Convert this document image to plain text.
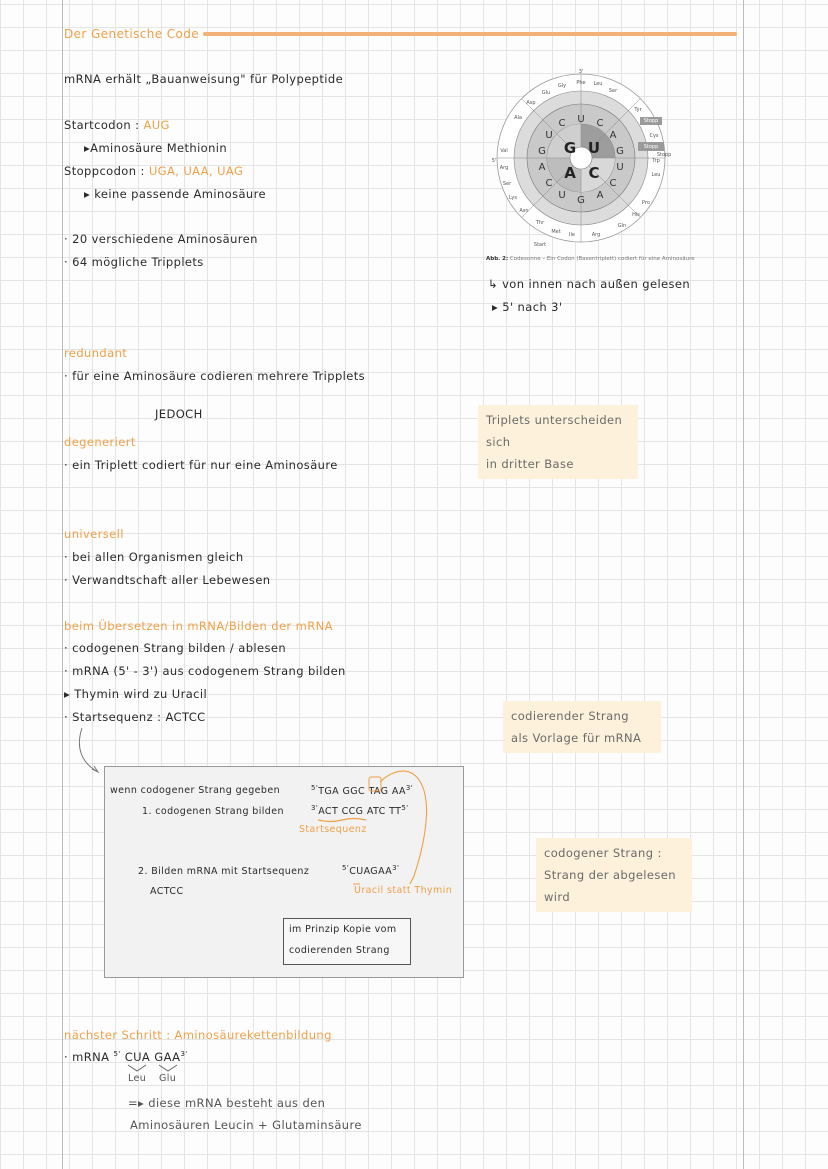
Der Genetische Code
mRNA erhält „Bauanweisung" für Polypeptide
Startcodon : AUG
▸Aminosäure Methionin
Stoppcodon : UGA, UAA, UAG
▸ keine passende Aminosäure
· 20 verschiedene Aminosäuren
· 64 mögliche Tripplets
G U
A C
U C
A
G
U
C
A
G
U
C
A
G
U
C
Phe Leu
Ser
Tyr
Stopp
Stopp
Cys
Stopp
Trp
Leu
Pro
His
Gln
Arg
Ile
Met
Thr
Asn
Lys
Ser
Arg
Val
Ala
Asp
Glu
Gly
3'
5'
Start
Abb. 2: Codesonne – Ein Codon (Basentriplett) codiert für eine Aminosäure
↳ von innen nach außen gelesen
▸ 5' nach 3'
redundant
· für eine Aminosäure codieren mehrere Tripplets
JEDOCH	Triplets unterscheiden sich
in dritter Base
degeneriert
· ein Triplett codiert für nur eine Aminosäure
universell
· bei allen Organismen gleich
· Verwandtschaft aller Lebewesen
beim Übersetzen in mRNA/Bilden der mRNA
· codogenen Strang bilden / ablesen
· mRNA (5' - 3') aus codogenem Strang bilden
▸ Thymin wird zu Uracil
· Startsequenz : ACTCC	codierender Strang
als Vorlage für mRNA
codogener Strang :
Strang der abgelesen wird
wenn codogener Strang gegeben
1. codogenen Strang bilden
$^{5'}$TGA GGC TAG $AA^{3'}$
$^{3'}$ACT CCG ATC $TT^{5'}$
Startsequenz
2. Bilden mRNA mit Startsequenz
ACTCC
$^{5'}CUAGAA^{3'}$
Uracil statt Thymin
im Prinzip Kopie vom
codierenden Strang
nächster Schritt : Aminosäurekettenbildung
· mRNA $^{5'}$ CUA $GAA^{3'}$
Leu Glu
=▸ diese mRNA besteht aus den
Aminosäuren Leucin + Glutaminsäure
